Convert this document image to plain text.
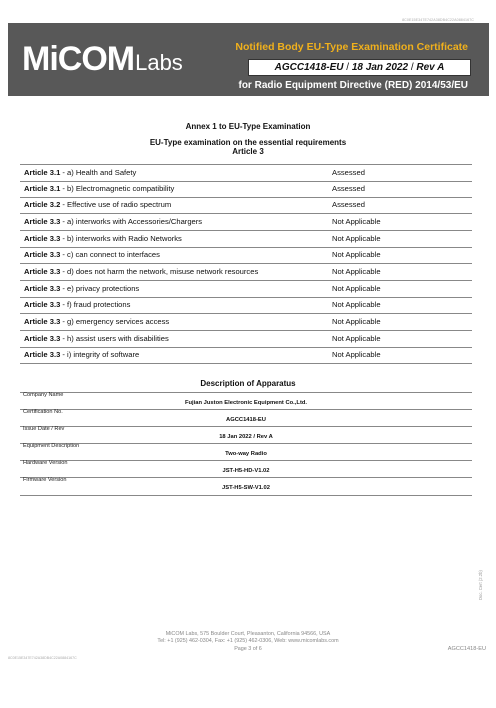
8C0E15E347E742A38DB4C22A0884167C
MiCOMLabs
Notified Body EU-Type Examination Certificate
AGCC1418-EU / 18 Jan 2022 / Rev A
for Radio Equipment Directive (RED) 2014/53/EU
Annex 1 to EU-Type Examination
EU-Type examination on the essential requirements
Article 3
Article 3.1 - a) Health and Safety	Assessed
Article 3.1 - b) Electromagnetic compatibility	Assessed
Article 3.2 - Effective use of radio spectrum	Assessed
Article 3.3 - a) interworks with Accessories/Chargers	Not Applicable
Article 3.3 - b) interworks with Radio Networks	Not Applicable
Article 3.3 - c) can connect to interfaces	Not Applicable
Article 3.3 - d) does not harm the network, misuse network resources	Not Applicable
Article 3.3 - e) privacy protections	Not Applicable
Article 3.3 - f) fraud protections	Not Applicable
Article 3.3 - g) emergency services access	Not Applicable
Article 3.3 - h) assist users with disabilities	Not Applicable
Article 3.3 - i) integrity of software	Not Applicable
Description of Apparatus
Company Name
Fujian Juston Electronic Equipment Co.,Ltd.
Certification No.
AGCC1418-EU
Issue Date / Rev
18 Jan 2022 / Rev A
Equipment Description
Two-way Radio
Hardware Version
JST-H5-HD-V1.02
Firmware Version
JST-H5-SW-V1.02
Doc. Cert (2.2b)
MiCOM Labs, 575 Boulder Court, Pleasanton, California 94566, USA
Tel: +1 (925) 462-0304, Fax: +1 (925) 462-0306, Web: www.micomlabs.com
Page 3 of 6	AGCC1418-EU
8C0E15E347E742A38DB4C22A0884167C
